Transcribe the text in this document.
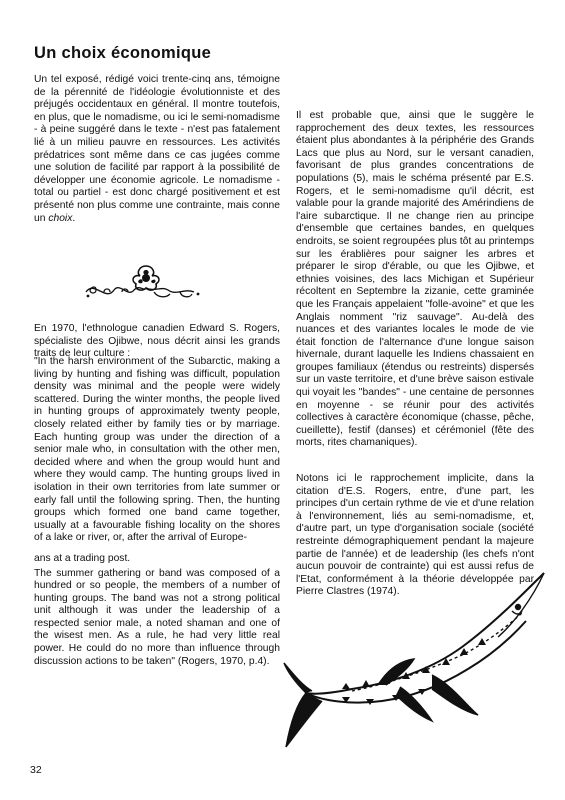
Un choix économique

Un tel exposé, rédigé voici trente-cinq ans, témoigne de la pérennité de l'idéologie évolutionniste et des préjugés occidentaux en général. Il montre toutefois, en plus, que le nomadisme, ou ici le semi-nomadisme - à peine suggéré dans le texte - n'est pas fatalement lié à un milieu pauvre en ressources. Les activités prédatrices sont même dans ce cas jugées comme une solution de facilité par rapport à la possibilité de développer une économie agricole. Le nomadisme - total ou partiel - est donc chargé positivement et est présenté non plus comme une contrainte, mais conne un choix.

En 1970, l'ethnologue canadien Edward S. Rogers, spécialiste des Ojibwe, nous décrit ainsi les grands traits de leur culture :

"In the harsh environment of the Subarctic, making a living by hunting and fishing was difficult, population density was minimal and the people were widely scattered. During the winter months, the people lived in hunting groups of approximately twenty people, closely related either by family ties or by marriage. Each hunting group was under the direction of a senior male who, in consultation with the other men, decided where and when the group would hunt and where they would camp. The hunting groups lived in isolation in their own territories from late summer or early fall until the following spring. Then, the hunting groups which formed one band came together, usually at a favourable fishing locality on the shores of a lake or river, or, after the arrival of Europe-

ans at a trading post.

The summer gathering or band was composed of a hundred or so people, the members of a number of hunting groups. The band was not a strong political unit although it was under the leadership of a respected senior male, a noted shaman and one of the wisest men. As a rule, he had very little real power. He could do no more than influence through discussion actions to be taken" (Rogers, 1970, p.4).

Il est probable que, ainsi que le suggère le rapprochement des deux textes, les ressources étaient plus abondantes à la périphérie des Grands Lacs que plus au Nord, sur le versant canadien, favorisant de plus grandes concentrations de populations (5), mais le schéma présenté par E.S. Rogers, et le semi-nomadisme qu'il décrit, est valable pour la grande majorité des Amérindiens de l'aire subarctique. Il ne change rien au principe d'ensemble que certaines bandes, en quelques endroits, se soient regroupées plus tôt au printemps sur les érablières pour saigner les arbres et préparer le sirop d'érable, ou que les Ojibwe, et ethnies voisines, des lacs Michigan et Supérieur récoltent en Septembre la zizanie, cette graminée que les Français appelaient "folle-avoine" et que les Anglais nomment "riz sauvage". Au-delà des nuances et des variantes locales le mode de vie était fonction de l'alternance d'une longue saison hivernale, durant laquelle les Indiens chassaient en groupes familiaux (étendus ou restreints) dispersés sur un vaste territoire, et d'une brève saison estivale qui voyait les "bandes" - une centaine de personnes en moyenne - se réunir pour des activités collectives à caractère économique (chasse, pêche, cueillette), festif (danses) et cérémoniel (fête des morts, rites chamaniques).

Notons ici le rapprochement implicite, dans la citation d'E.S. Rogers, entre, d'une part, les principes d'un certain rythme de vie et d'une relation à l'environnement, liés au semi-nomadisme, et, d'autre part, un type d'organisation sociale (société restreinte démographiquement pendant la majeure partie de l'année) et de leadership (les chefs n'ont aucun pouvoir de contrainte) qui est aussi refus de l'Etat, conformément à la théorie développée par Pierre Clastres (1974).

32
